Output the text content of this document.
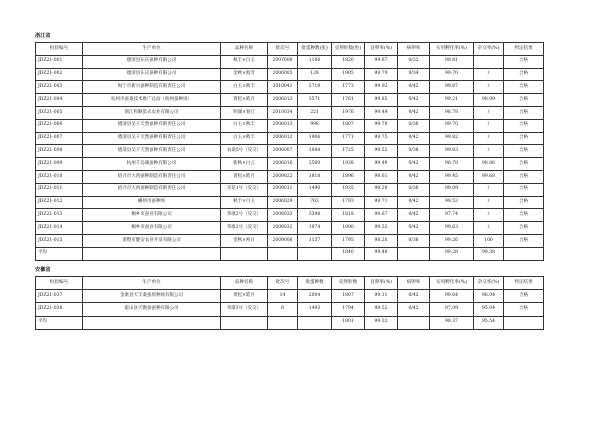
浙江省
检验编号	生产单位	品种名称	批次号	批蛋种数(张)	克卵粒数(粒)	良卵率(%)	病卵率	实用孵化率(%)	杂交率(%)	判定结果
JDZ21-001	德清县东庆蚕种有限公司	秋丰×白玉	2007008	1166	1820	99.87	0/32	99.81		合格
JDZ21-002	德清县东庆蚕种有限公司	金秋×航芳	2006005	128	1905	99.79	0/34	99.70	/	合格
JDZ21-003	海宁市新兴蚕种制造有限责任公司	白玉×秋丰	2010041	2719	1773	99.92	0/42	99.87	/	合格
JDZ21-004	杭州市蚕桑技术推广总站（杭州蚕种场）	菁松×皓月	2006012	3571	1761	99.85	0/42	99.21	98.99	合格
JDZ21-005	浙江和顺茧式农业有限公司	明湖×春江	2010034	221	1976	99.49	0/42	98.78	/	合格
JDZ21-006	德清县吴干天然蚕种有限责任公司	白玉×秋丰	2006013	998	1807	99.78	0/36	99.70	/	合格
JDZ21-007	德清县吴干天然蚕种有限责任公司	白玉×秋丰	2006012	1906	1771	99.75	0/42	99.82	/	合格
JDZ21-008	德清县吴干天然蚕种有限责任公司	农桑5号（反交）	2006007	1084	1725	99.52	0/38	99.83	/	合格
JDZ21-009	杭州千岛湖蚕种有限公司	新秋×白云	2006016	2500	1938	99.49	0/42	98.78	98.86	合格
JDZ21-010	绍兴市大禹蚕种制造有限责任公司	菁松×皓月	2009022	1818	1896	99.61	0/42	99.45	99.68	合格
JDZ21-011	绍兴市大禹蚕种制造有限责任公司	禾花1号（反交）	2009011	1490	1935	99.28	0/36	99.09	/	合格
JDZ21-012	嵊州市蚕种场	秋丰×白玉	2006029	763	1793	99.71	0/42	99.53	/	合格
JDZ21-013	桐乡市蚕业有限公司	华康2号（反交）	2008033	3398	1818	99.67	0/42	97.74	/	合格
JDZ21-014	桐乡市蚕业有限公司	华康2号（反交）	2008032	1974	1890	99.52	0/42	99.63	/	合格
JDZ21-015	诸暨市健安农业开发有限公司	金秋×初日	2009006	1157	1795	98.20	0/38	99.26	100	合格
平均					1840	99.48		99.28	99.38	
安徽省
检验编号	生产单位	品种名称	批次号	批蛋种数	克卵粒数	良卵率(%)	病卵率	实用孵化率(%)	杂交率(%)	判定结果
JDZ21-037	金寨县天丰桑蚕原种场有限公司	菁松×皓月	14	2004	1807	99.11	0/42	99.64	96.04	合格
JDZ21-038	霍山县天衡蚕蚕种有限公司	华康3号（反交）	6	1493	1794	99.52	0/42	97.09	95.04	合格
平均					1801	99.32		98.37	95.54	
